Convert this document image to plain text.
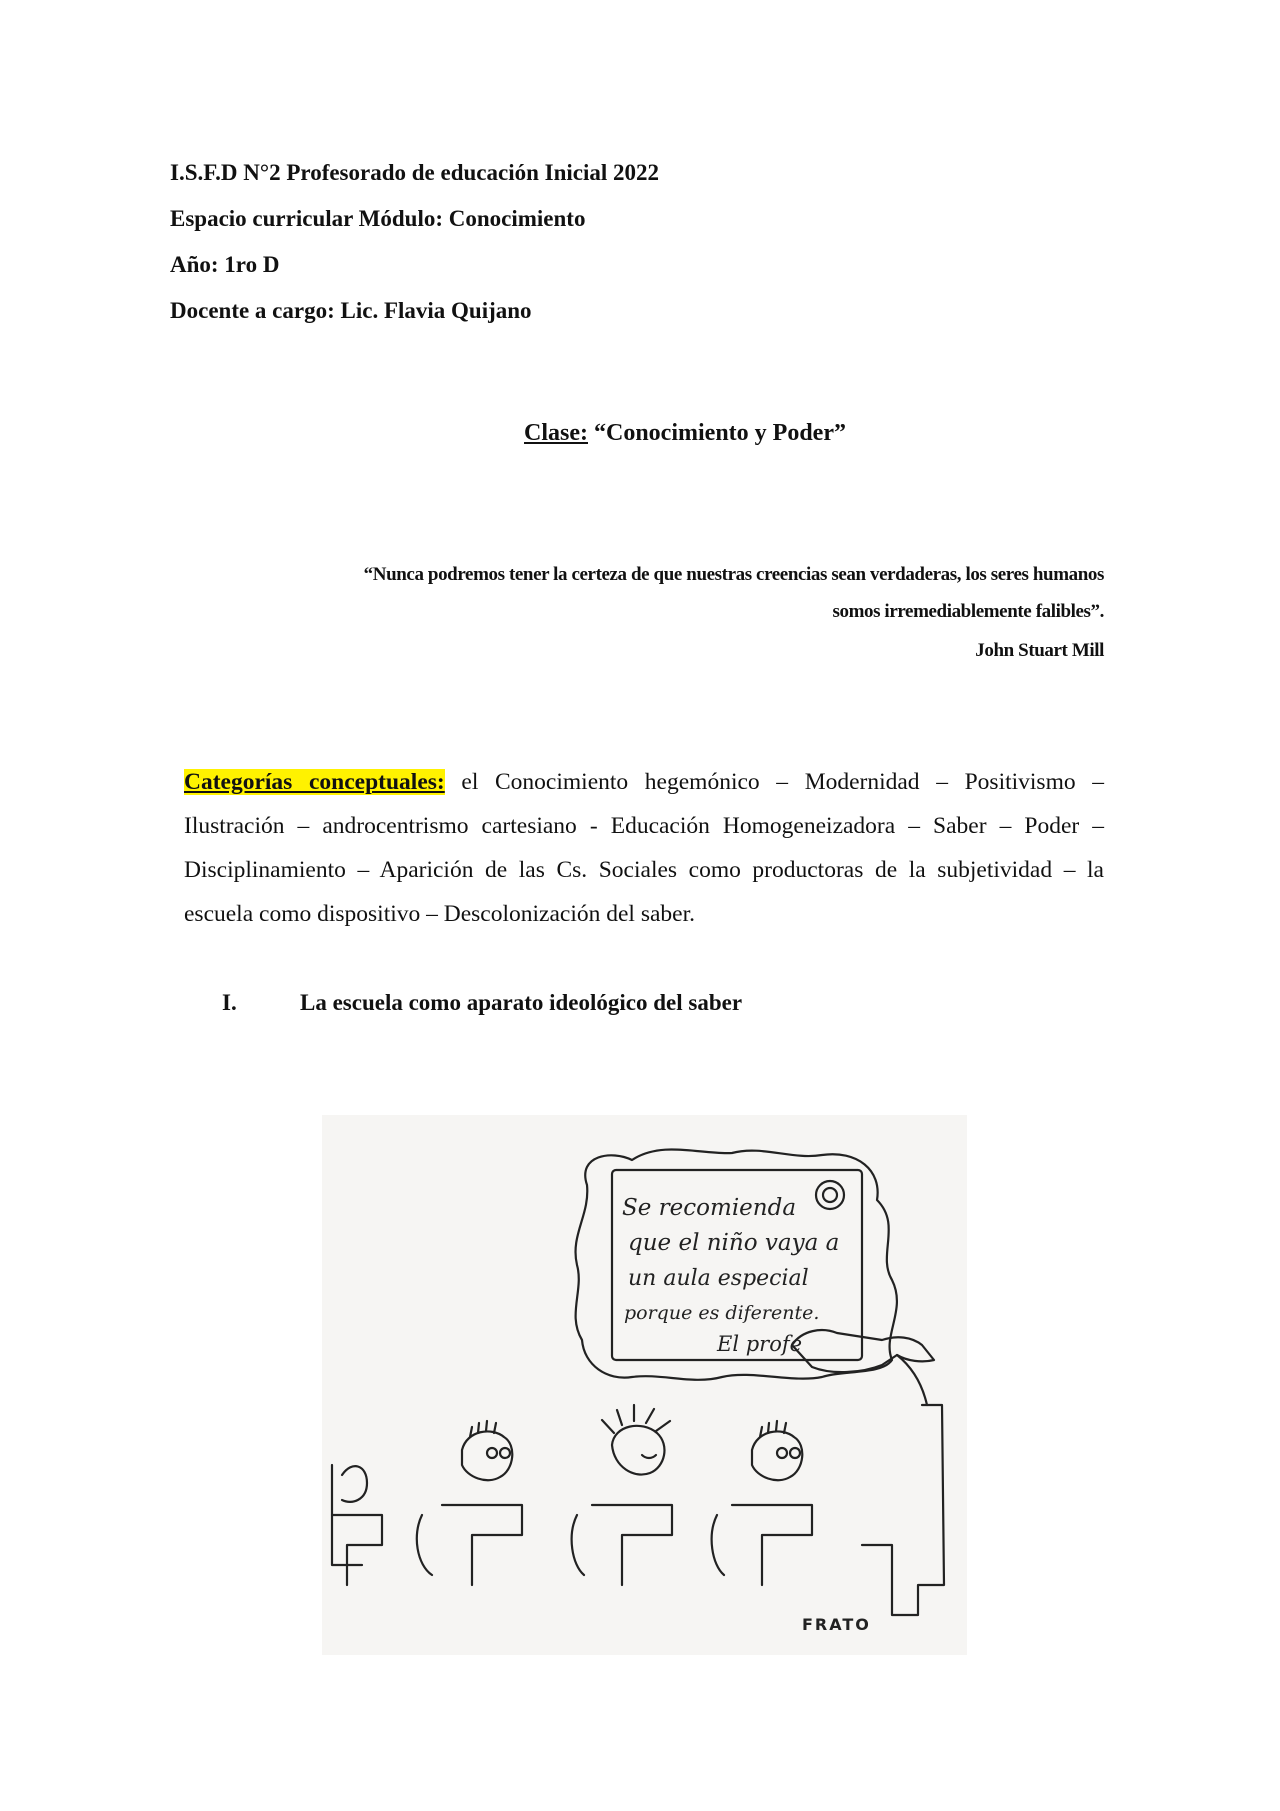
I.S.F.D N°2 Profesorado de educación Inicial 2022
Espacio curricular Módulo: Conocimiento
Año: 1ro D
Docente a cargo: Lic. Flavia Quijano
Clase: “Conocimiento y Poder”
“Nunca podremos tener la certeza de que nuestras creencias sean verdaderas, los seres humanos
somos irremediablemente falibles”.
John Stuart Mill
Categorías conceptuales: el Conocimiento hegemónico – Modernidad – Positivismo – Ilustración – androcentrismo cartesiano - Educación Homogeneizadora – Saber – Poder – Disciplinamiento – Aparición de las Cs. Sociales como productoras de la subjetividad – la escuela como dispositivo – Descolonización del saber.
I.	La escuela como aparato ideológico del saber
Se recomienda
que el niño vaya a
un aula especial
porque es diferente.
El profe
FRATO
